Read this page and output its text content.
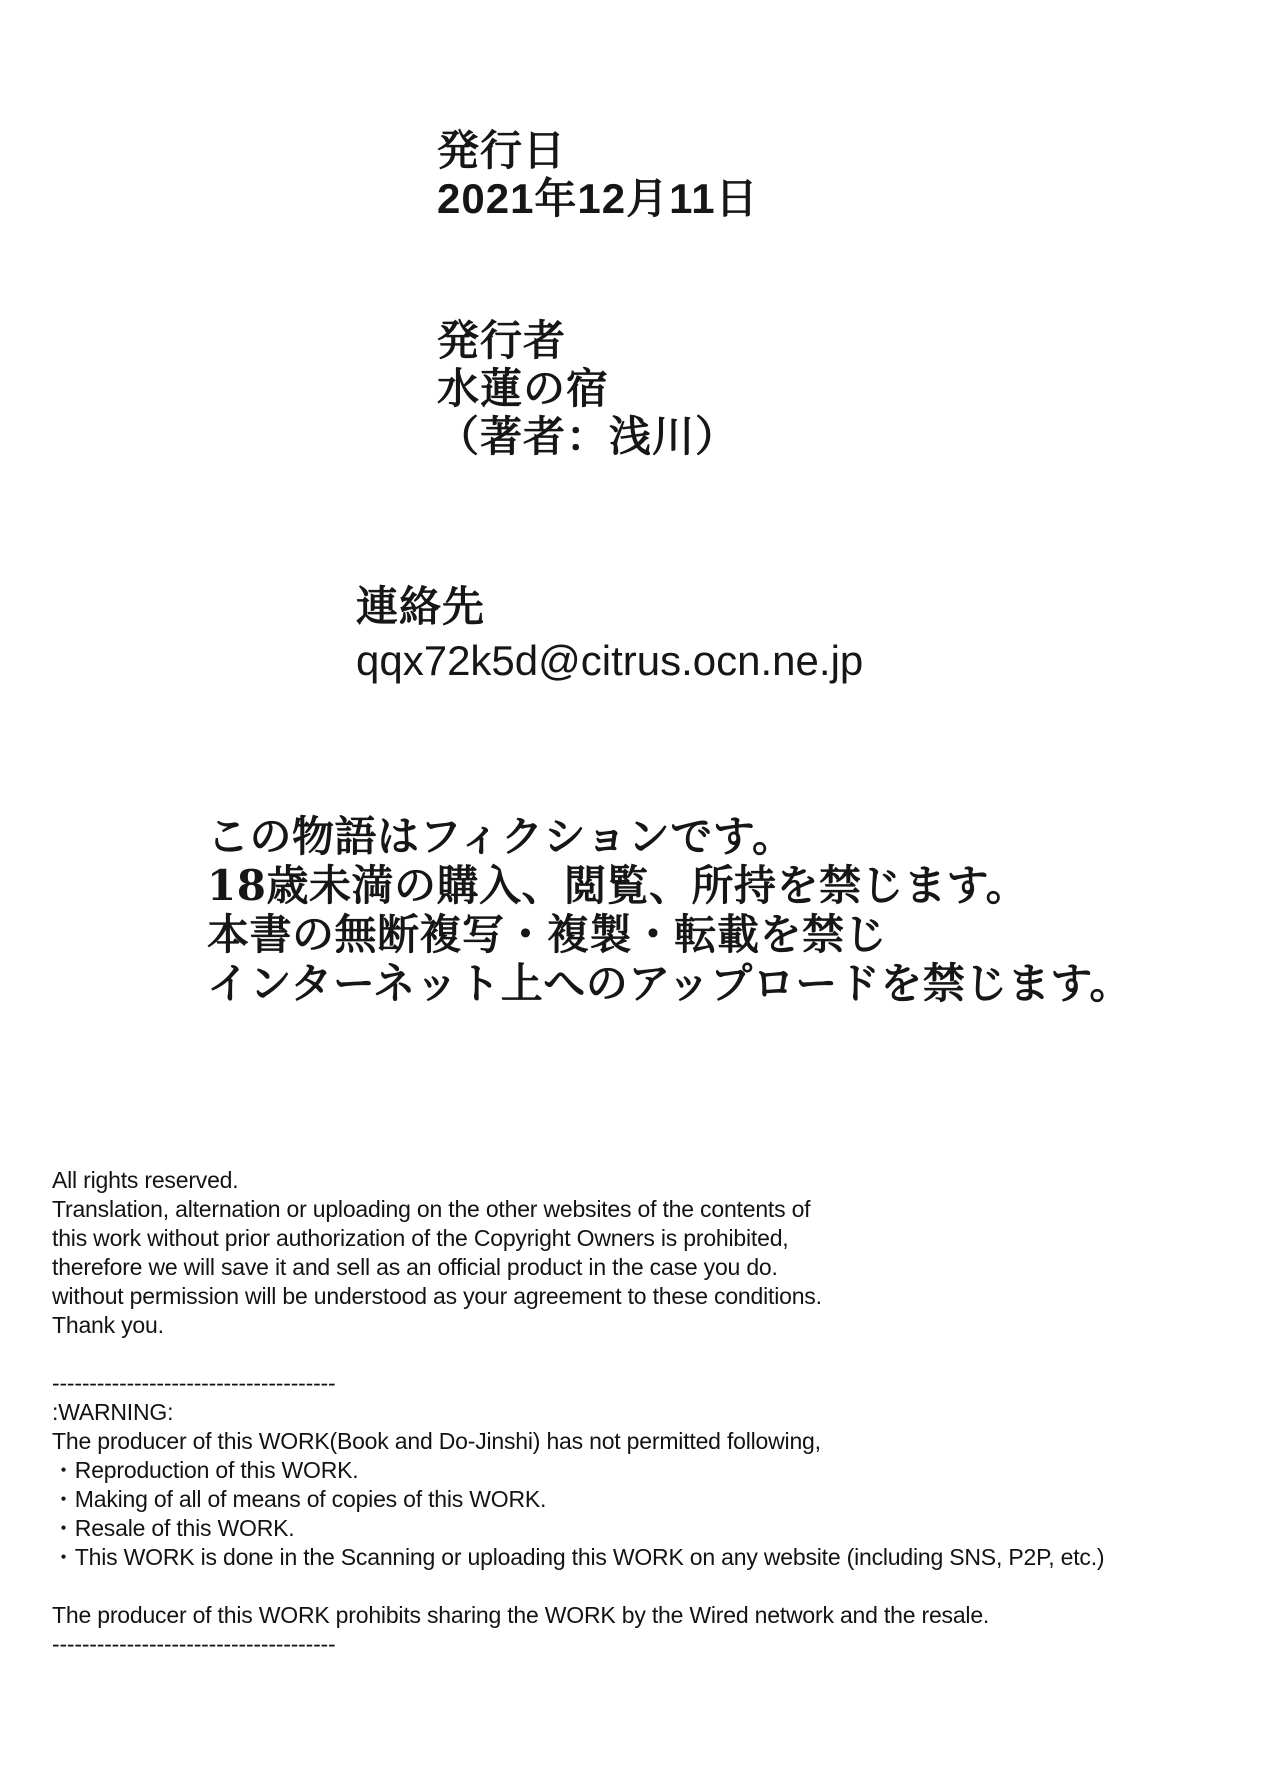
発行日
2021年12月11日
発行者
水蓮の宿
（著者：浅川）
連絡先
qqx72k5d@citrus.ocn.ne.jp
この物語はフィクションです。
18歳未満の購入、閲覧、所持を禁じます。
本書の無断複写・複製・転載を禁じ
インターネット上へのアップロードを禁じます。
All rights reserved.
Translation, alternation or uploading on the other websites of the contents of
this work without prior authorization of the Copyright Owners is prohibited,
therefore we will save it and sell as an official product in the case you do.
without permission will be understood as your agreement to these conditions.
Thank you.
--------------------------------------
:WARNING:
The producer of this WORK(Book and Do-Jinshi) has not permitted following,
・Reproduction of this WORK.
・Making of all of means of copies of this WORK.
・Resale of this WORK.
・This WORK is done in the Scanning or uploading this WORK on any website (including SNS, P2P, etc.)
The producer of this WORK prohibits sharing the WORK by the Wired network and the resale.
--------------------------------------
